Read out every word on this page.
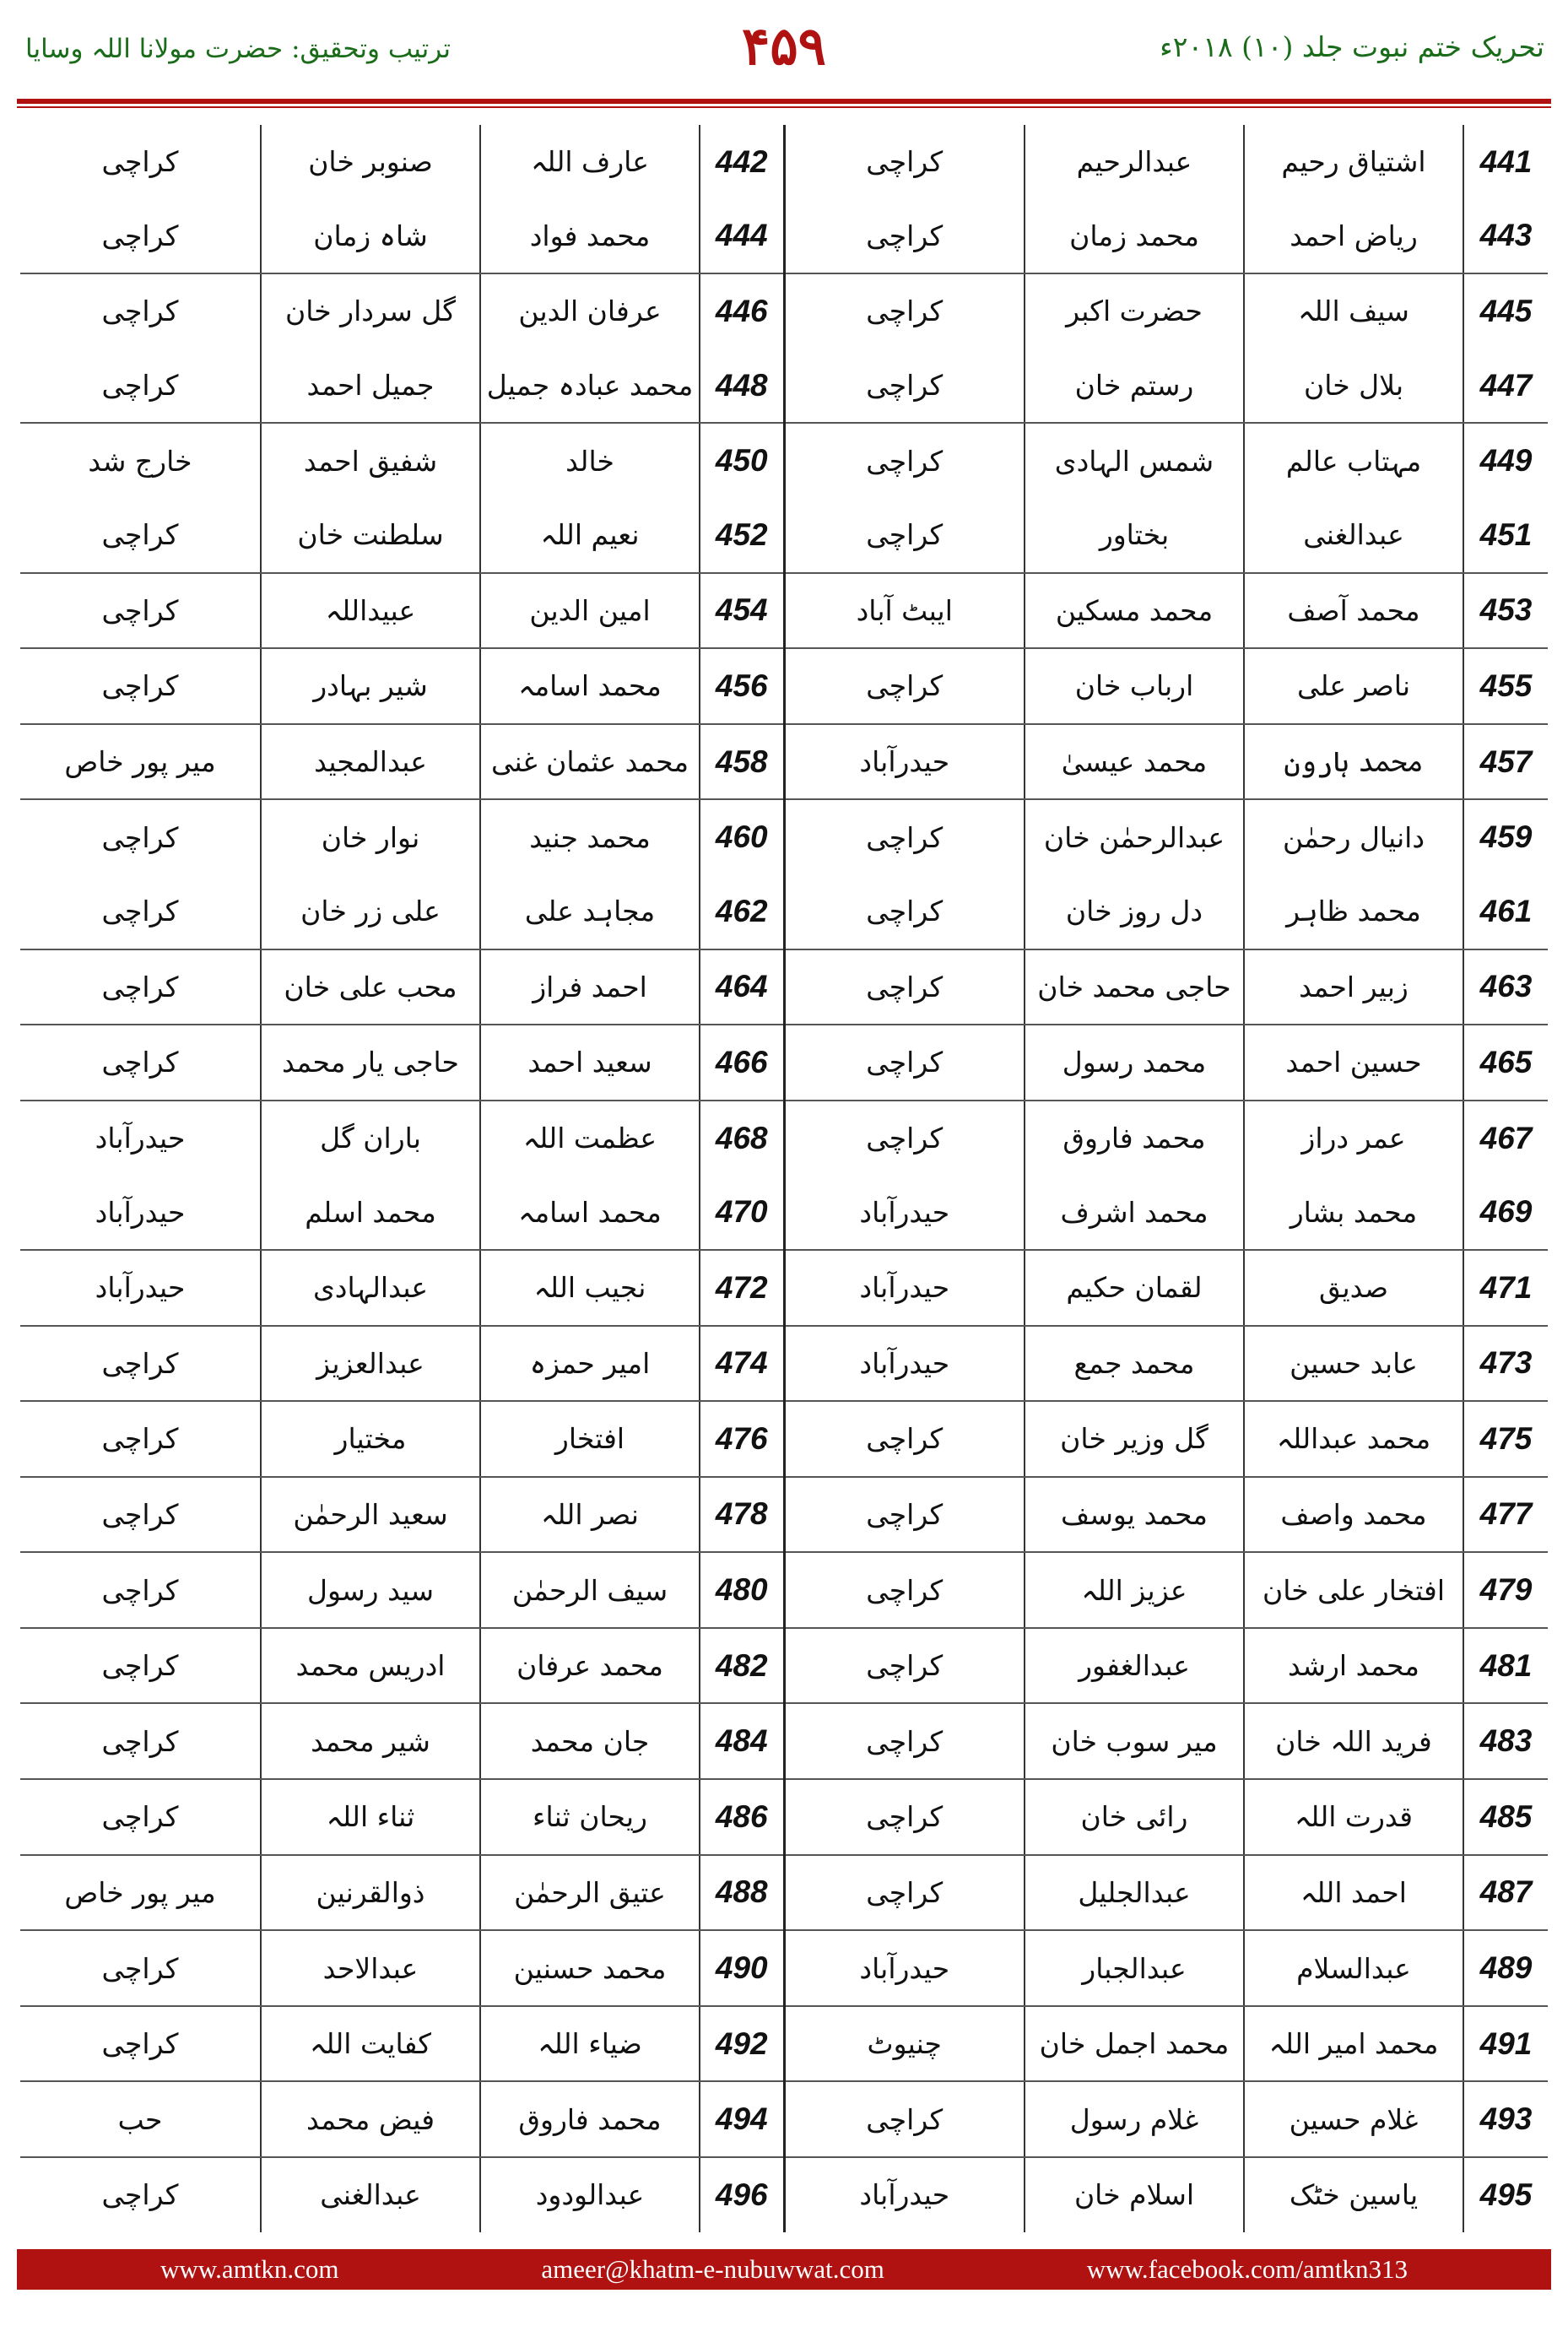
تحریک ختم نبوت جلد (۱۰) ۲۰۱۸ء
۴۵۹
ترتیب وتحقیق: حضرت مولانا اللہ وسایا
441	اشتیاق رحیم	عبدالرحیم	کراچی	442	عارف اللہ	صنوبر خان	کراچی
443	ریاض احمد	محمد زمان	کراچی	444	محمد فواد	شاہ زمان	کراچی
445	سیف اللہ	حضرت اکبر	کراچی	446	عرفان الدین	گل سردار خان	کراچی
447	بلال خان	رستم خان	کراچی	448	محمد عبادہ جمیل	جمیل احمد	کراچی
449	مہتاب عالم	شمس الہادی	کراچی	450	خالد	شفیق احمد	خارج شد
451	عبدالغنی	بختاور	کراچی	452	نعیم اللہ	سلطنت خان	کراچی
453	محمد آصف	محمد مسکین	ایبٹ آباد	454	امین الدین	عبیداللہ	کراچی
455	ناصر علی	ارباب خان	کراچی	456	محمد اسامہ	شیر بہادر	کراچی
457	محمد ہارون	محمد عیسیٰ	حیدرآباد	458	محمد عثمان غنی	عبدالمجید	میر پور خاص
459	دانیال رحمٰن	عبدالرحمٰن خان	کراچی	460	محمد جنید	نوار خان	کراچی
461	محمد ظاہر	دل روز خان	کراچی	462	مجاہد علی	علی زر خان	کراچی
463	زبیر احمد	حاجی محمد خان	کراچی	464	احمد فراز	محب علی خان	کراچی
465	حسین احمد	محمد رسول	کراچی	466	سعید احمد	حاجی یار محمد	کراچی
467	عمر دراز	محمد فاروق	کراچی	468	عظمت اللہ	باران گل	حیدرآباد
469	محمد بشار	محمد اشرف	حیدرآباد	470	محمد اسامہ	محمد اسلم	حیدرآباد
471	صدیق	لقمان حکیم	حیدرآباد	472	نجیب اللہ	عبدالہادی	حیدرآباد
473	عابد حسین	محمد جمع	حیدرآباد	474	امیر حمزہ	عبدالعزیز	کراچی
475	محمد عبداللہ	گل وزیر خان	کراچی	476	افتخار	مختیار	کراچی
477	محمد واصف	محمد یوسف	کراچی	478	نصر اللہ	سعید الرحمٰن	کراچی
479	افتخار علی خان	عزیز اللہ	کراچی	480	سیف الرحمٰن	سید رسول	کراچی
481	محمد ارشد	عبدالغفور	کراچی	482	محمد عرفان	ادریس محمد	کراچی
483	فرید اللہ خان	میر سوب خان	کراچی	484	جان محمد	شیر محمد	کراچی
485	قدرت اللہ	رائی خان	کراچی	486	ریحان ثناء	ثناء اللہ	کراچی
487	احمد اللہ	عبدالجلیل	کراچی	488	عتیق الرحمٰن	ذوالقرنین	میر پور خاص
489	عبدالسلام	عبدالجبار	حیدرآباد	490	محمد حسنین	عبدالاحد	کراچی
491	محمد امیر اللہ	محمد اجمل خان	چنیوٹ	492	ضیاء اللہ	کفایت اللہ	کراچی
493	غلام حسین	غلام رسول	کراچی	494	محمد فاروق	فیض محمد	حب
495	یاسین خٹک	اسلام خان	حیدرآباد	496	عبدالودود	عبدالغنی	کراچی
www.amtkn.com	ameer@khatm-e-nubuwwat.com	www.facebook.com/amtkn313
